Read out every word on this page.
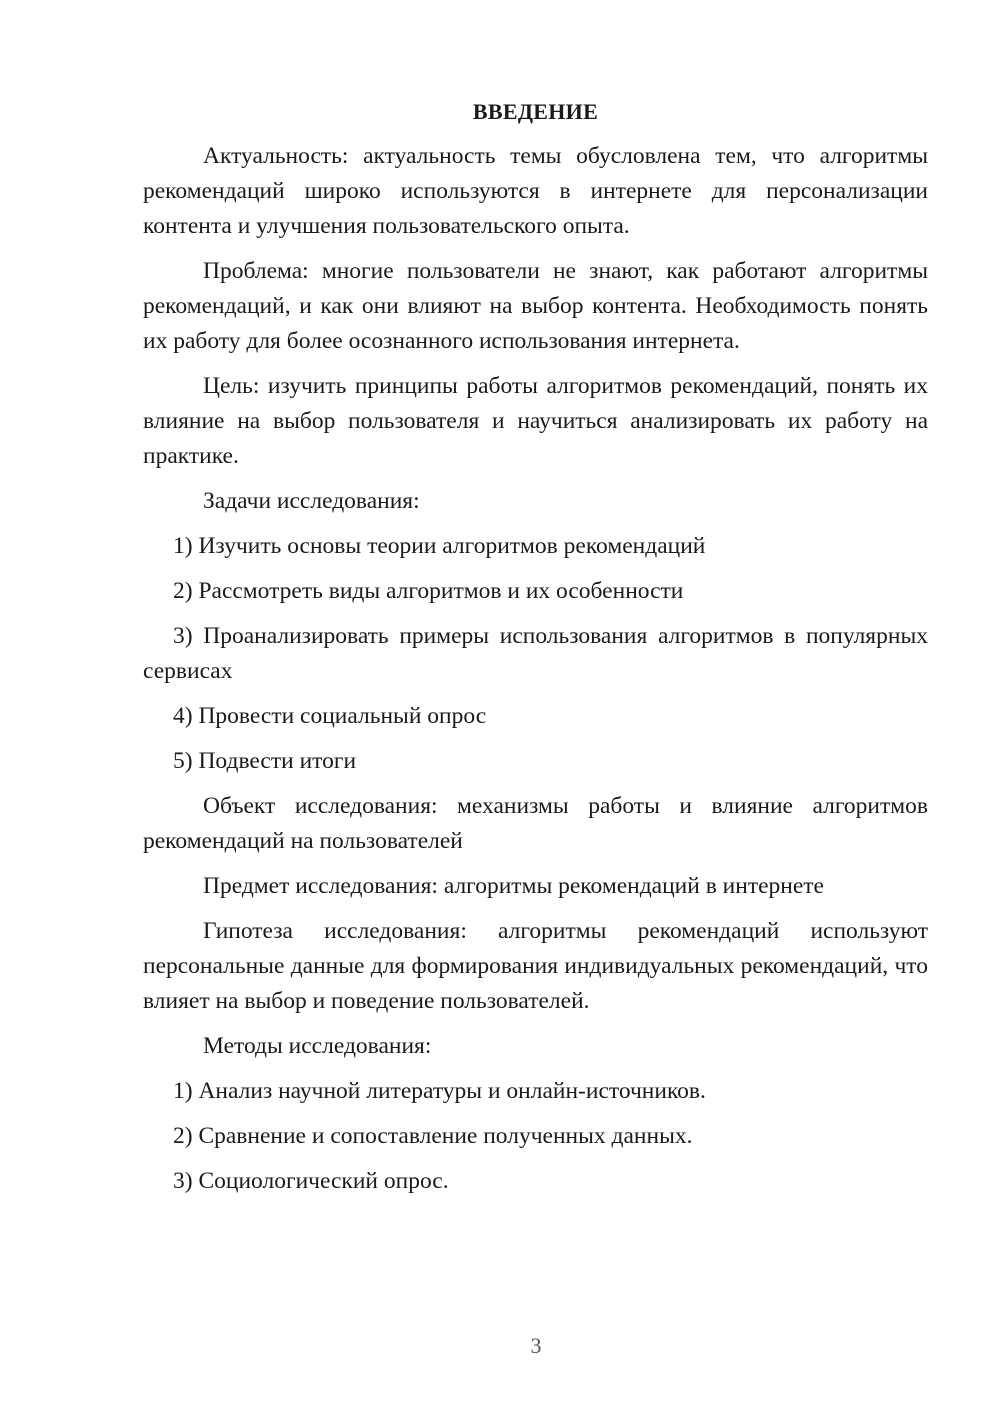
ВВЕДЕНИЕ

Актуальность: актуальность темы обусловлена тем, что алгоритмы рекомендаций широко используются в интернете для персонализации контента и улучшения пользовательского опыта.

Проблема: многие пользователи не знают, как работают алгоритмы рекомендаций, и как они влияют на выбор контента. Необходимость понять их работу для более осознанного использования интернета.

Цель: изучить принципы работы алгоритмов рекомендаций, понять их влияние на выбор пользователя и научиться анализировать их работу на практике.

Задачи исследования:

1) Изучить основы теории алгоритмов рекомендаций

2) Рассмотреть виды алгоритмов и их особенности

3) Проанализировать примеры использования алгоритмов в популярных сервисах

4) Провести социальный опрос

5) Подвести итоги

Объект исследования: механизмы работы и влияние алгоритмов рекомендаций на пользователей

Предмет исследования: алгоритмы рекомендаций в интернете

Гипотеза исследования: алгоритмы рекомендаций используют персональные данные для формирования индивидуальных рекомендаций, что влияет на выбор и поведение пользователей.

Методы исследования:

1) Анализ научной литературы и онлайн-источников.

2) Сравнение и сопоставление полученных данных.

3) Социологический опрос.

3
